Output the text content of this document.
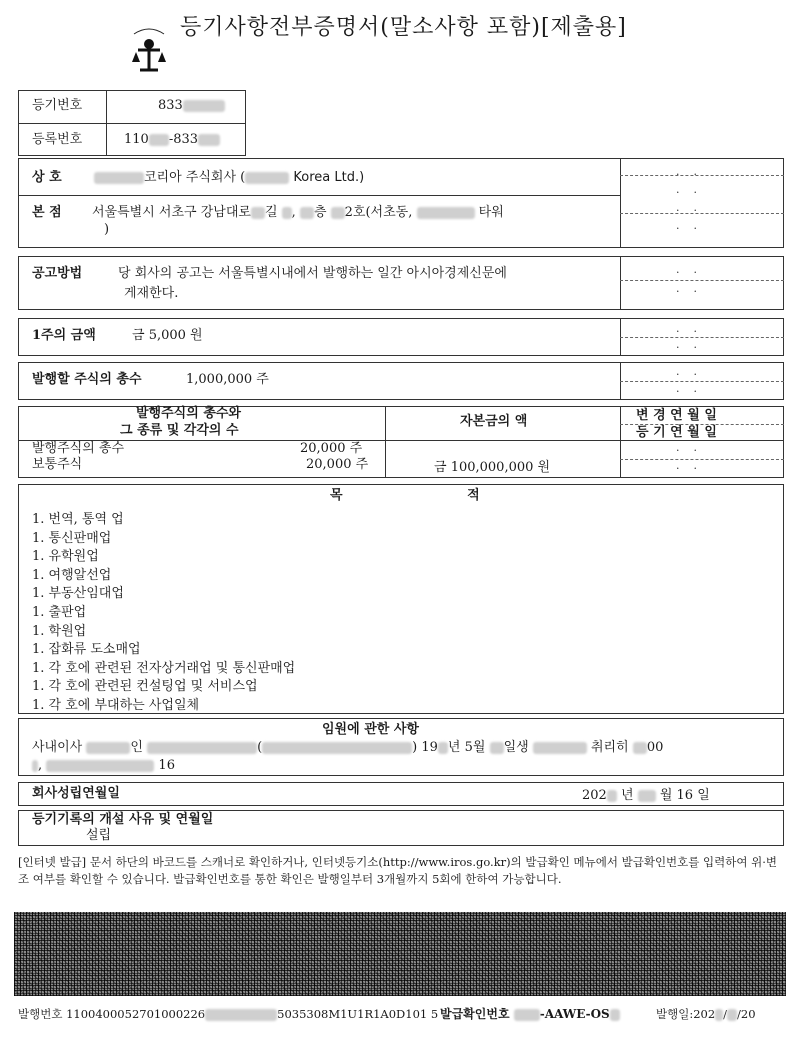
등기사항전부증명서(말소사항 포함)[제출용]
등기번호	833
등록번호	110 -833
상 호	코리아 주식회사 (	Korea Ltd.)
본 점 서울특별시 서초구 강남대로 길 , 층 2호(서초동,	타워
)
··
··
··
··
공고방법	당 회사의 공고는 서울특별시내에서 발행하는 일간 아시아경제신문에
게재한다.
··
··
1주의 금액	금 5,000 원	··
··
발행할 주식의 총수	1,000,000 주	··
··
발행주식의 총수와
그 종류 및 각각의 수
자본금의 액	변 경 연 월 일
등 기 연 월 일
발행주식의 총수	20,000 주
보통주식	20,000 주	금 100,000,000 원
··
··
목 적
1. 번역, 통역 업
1. 통신판매업
1. 유학원업
1. 여행알선업
1. 부동산임대업
1. 출판업
1. 학원업
1. 잡화류 도소매업
1. 각 호에 관련된 전자상거래업 및 통신판매업
1. 각 호에 관련된 컨설팅업 및 서비스업
1. 각 호에 부대하는 사업일체
임원에 관한 사항
사내이사	인	(	) 19 년 5월 일생	취리히 00
,	16
회사성립연월일	202 년 월 16 일
등기기록의 개설 사유 및 연월일
설립
[인터넷 발급] 문서 하단의 바코드를 스캐너로 확인하거나, 인터넷등기소(http://www.iros.go.kr)의 발급확인 메뉴에서 발급확인번호를 입력하여 위·변조 여부를 확인할 수 있습니다. 발급확인번호를 통한 확인은 발행일부터 3개월까지 5회에 한하여 가능합니다.
발행번호 1100400052701000226	5035308M1U1R1A0D101 5 발급확인번호	-AAWE-OS	발행일:202 / /20
